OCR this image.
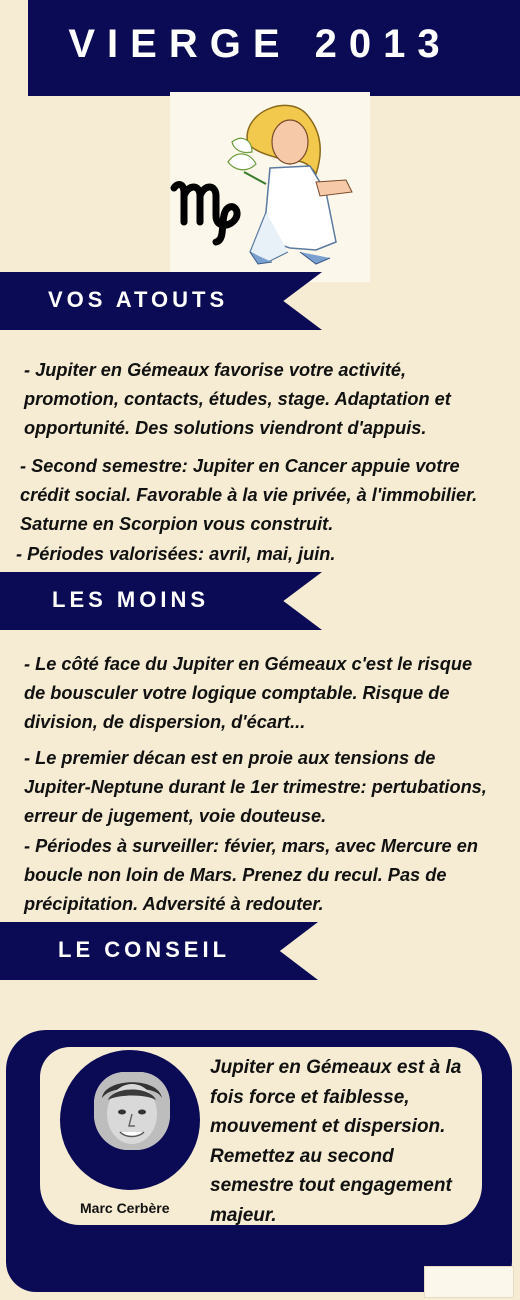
VIERGE 2013
VOS ATOUTS

- Jupiter en Gémeaux favorise votre activité, promotion, contacts, études, stage. Adaptation et opportunité. Des solutions viendront d'appuis.

- Second semestre: Jupiter en Cancer appuie votre crédit social. Favorable à la vie privée, à l'immobilier. Saturne en Scorpion vous construit.

- Périodes valorisées: avril, mai, juin.

LES MOINS

- Le côté face du Jupiter en Gémeaux c'est le risque de bousculer votre logique comptable. Risque de division, de dispersion, d'écart...

- Le premier décan est en proie aux tensions de Jupiter-Neptune durant le 1er trimestre: pertubations, erreur de jugement, voie douteuse.

- Périodes à surveiller: févier, mars, avec Mercure en boucle non loin de Mars. Prenez du recul. Pas de précipitation. Adversité à redouter.

LE CONSEIL
Marc Cerbère

Jupiter en Gémeaux est à la fois force et faiblesse, mouvement et dispersion. Remettez au second semestre tout engagement majeur.
